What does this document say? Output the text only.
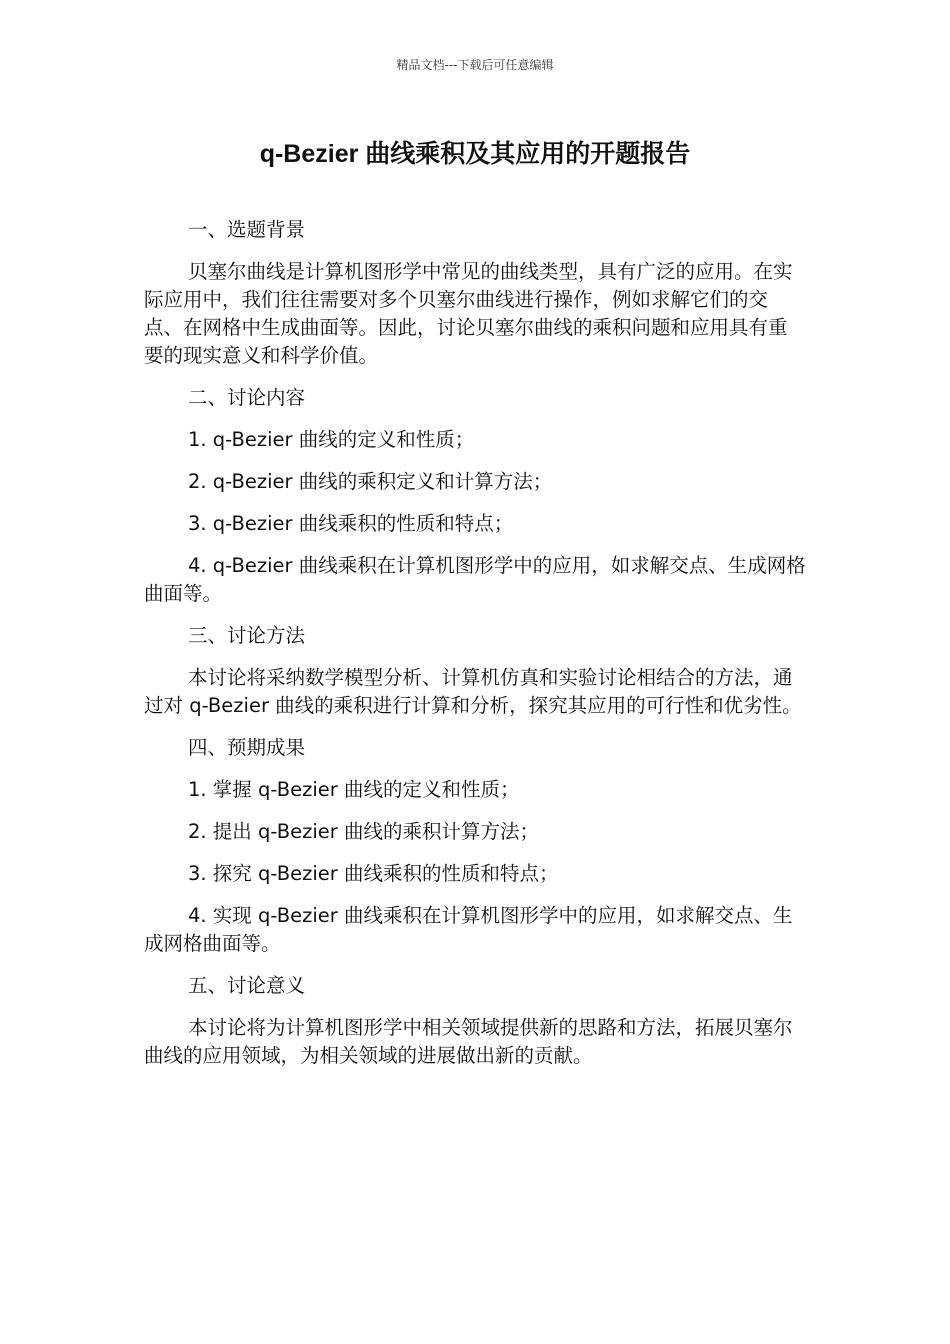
精品文档---下载后可任意编辑
q-Bezier 曲线乘积及其应用的开题报告

一、选题背景

贝塞尔曲线是计算机图形学中常见的曲线类型，具有广泛的应用。在实际应用中，我们往往需要对多个贝塞尔曲线进行操作，例如求解它们的交点、在网格中生成曲面等。因此，讨论贝塞尔曲线的乘积问题和应用具有重要的现实意义和科学价值。

二、讨论内容

1. q-Bezier 曲线的定义和性质；

2. q-Bezier 曲线的乘积定义和计算方法；

3. q-Bezier 曲线乘积的性质和特点；

4. q-Bezier 曲线乘积在计算机图形学中的应用，如求解交点、生成网格曲面等。

三、讨论方法

本讨论将采纳数学模型分析、计算机仿真和实验讨论相结合的方法，通过对 q-Bezier 曲线的乘积进行计算和分析，探究其应用的可行性和优劣性。

四、预期成果

1. 掌握 q-Bezier 曲线的定义和性质；

2. 提出 q-Bezier 曲线的乘积计算方法；

3. 探究 q-Bezier 曲线乘积的性质和特点；

4. 实现 q-Bezier 曲线乘积在计算机图形学中的应用，如求解交点、生成网格曲面等。

五、讨论意义

本讨论将为计算机图形学中相关领域提供新的思路和方法，拓展贝塞尔曲线的应用领域，为相关领域的进展做出新的贡献。
